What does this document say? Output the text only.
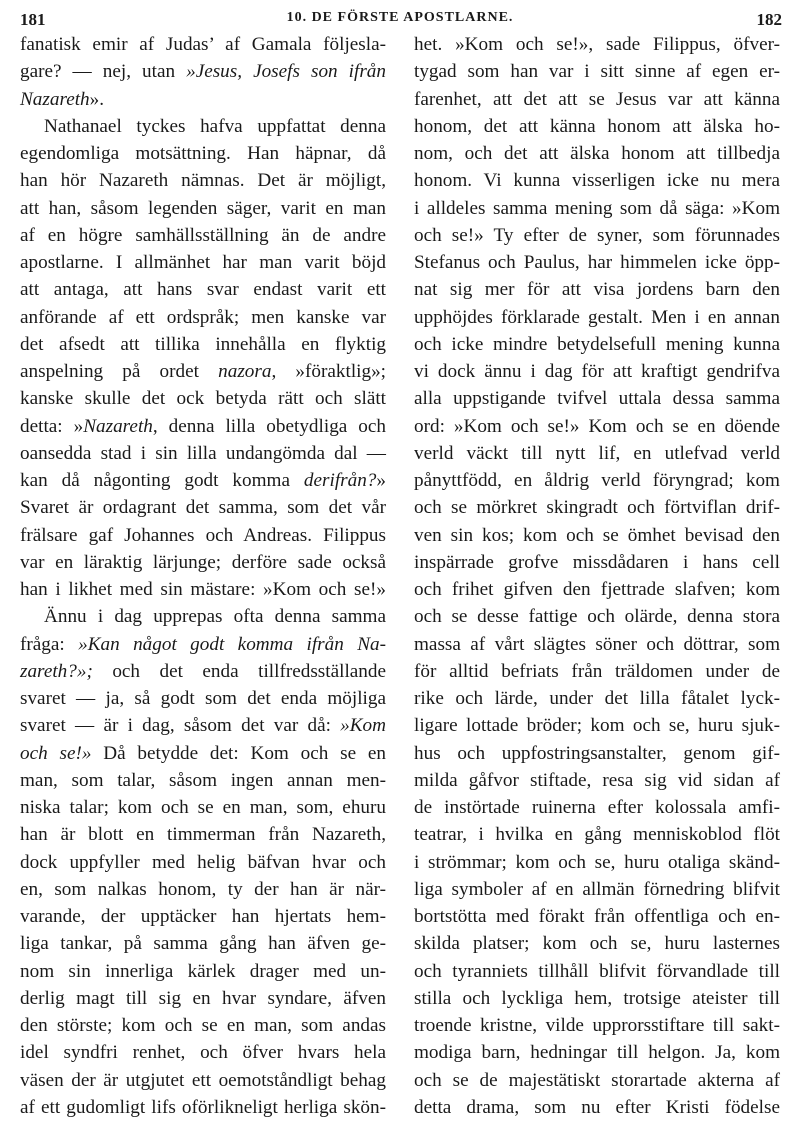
181	10. DE FÖRSTE APOSTLARNE.	182
fanatisk emir af Judas’ af Gamala följesla-
gare? — nej, utan »Jesus, Josefs son ifrån
Nazareth».
Nathanael tyckes hafva uppfattat denna
egendomliga motsättning. Han häpnar, då
han hör Nazareth nämnas. Det är möjligt,
att han, såsom legenden säger, varit en man
af en högre samhällsställning än de andre
apostlarne. I allmänhet har man varit böjd
att antaga, att hans svar endast varit ett
anförande af ett ordspråk; men kanske var
det afsedt att tillika innehålla en flyktig
anspelning på ordet nazora, »föraktlig»;
kanske skulle det ock betyda rätt och slätt
detta: »Nazareth, denna lilla obetydliga och
oansedda stad i sin lilla undangömda dal —
kan då någonting godt komma derifrån?»
Svaret är ordagrant det samma, som det vår
frälsare gaf Johannes och Andreas. Filippus
var en läraktig lärjunge; derföre sade också
han i likhet med sin mästare: »Kom och se!»
Ännu i dag upprepas ofta denna samma
fråga: »Kan något godt komma ifrån Na-
zareth?»; och det enda tillfredsställande
svaret — ja, så godt som det enda möjliga
svaret — är i dag, såsom det var då: »Kom
och se!» Då betydde det: Kom och se en
man, som talar, såsom ingen annan men-
niska talar; kom och se en man, som, ehuru
han är blott en timmerman från Nazareth,
dock uppfyller med helig bäfvan hvar och
en, som nalkas honom, ty der han är när-
varande, der upptäcker han hjertats hem-
liga tankar, på samma gång han äfven ge-
nom sin innerliga kärlek drager med un-
derlig magt till sig en hvar syndare, äfven
den störste; kom och se en man, som andas
idel syndfri renhet, och öfver hvars hela
väsen der är utgjutet ett oemotståndligt behag
af ett gudomligt lifs oförlikneligt herliga skön-
het. »Kom och se!», sade Filippus, öfver-
tygad som han var i sitt sinne af egen er-
farenhet, att det att se Jesus var att känna
honom, det att känna honom att älska ho-
nom, och det att älska honom att tillbedja
honom. Vi kunna visserligen icke nu mera
i alldeles samma mening som då säga: »Kom
och se!» Ty efter de syner, som förunnades
Stefanus och Paulus, har himmelen icke öpp-
nat sig mer för att visa jordens barn den
upphöjdes förklarade gestalt. Men i en annan
och icke mindre betydelsefull mening kunna
vi dock ännu i dag för att kraftigt gendrifva
alla uppstigande tvifvel uttala dessa samma
ord: »Kom och se!» Kom och se en döende
verld väckt till nytt lif, en utlefvad verld
pånyttfödd, en åldrig verld föryngrad; kom
och se mörkret skingradt och förtviflan drif-
ven sin kos; kom och se ömhet bevisad den
inspärrade grofve missdådaren i hans cell
och frihet gifven den fjettrade slafven; kom
och se desse fattige och olärde, denna stora
massa af vårt slägtes söner och döttrar, som
för alltid befriats från träldomen under de
rike och lärde, under det lilla fåtalet lyck-
ligare lottade bröder; kom och se, huru sjuk-
hus och uppfostringsanstalter, genom gif-
milda gåfvor stiftade, resa sig vid sidan af
de instörtade ruinerna efter kolossala amfi-
teatrar, i hvilka en gång menniskoblod flöt
i strömmar; kom och se, huru otaliga skänd-
liga symboler af en allmän förnedring blifvit
bortstötta med förakt från offentliga och en-
skilda platser; kom och se, huru lasternes
och tyranniets tillhåll blifvit förvandlade till
stilla och lyckliga hem, trotsige ateister till
troende kristne, vilde upprorsstiftare till sakt-
modiga barn, hedningar till helgon. Ja, kom
och se de majestätiskt storartade akterna af
detta drama, som nu efter Kristi födelse
